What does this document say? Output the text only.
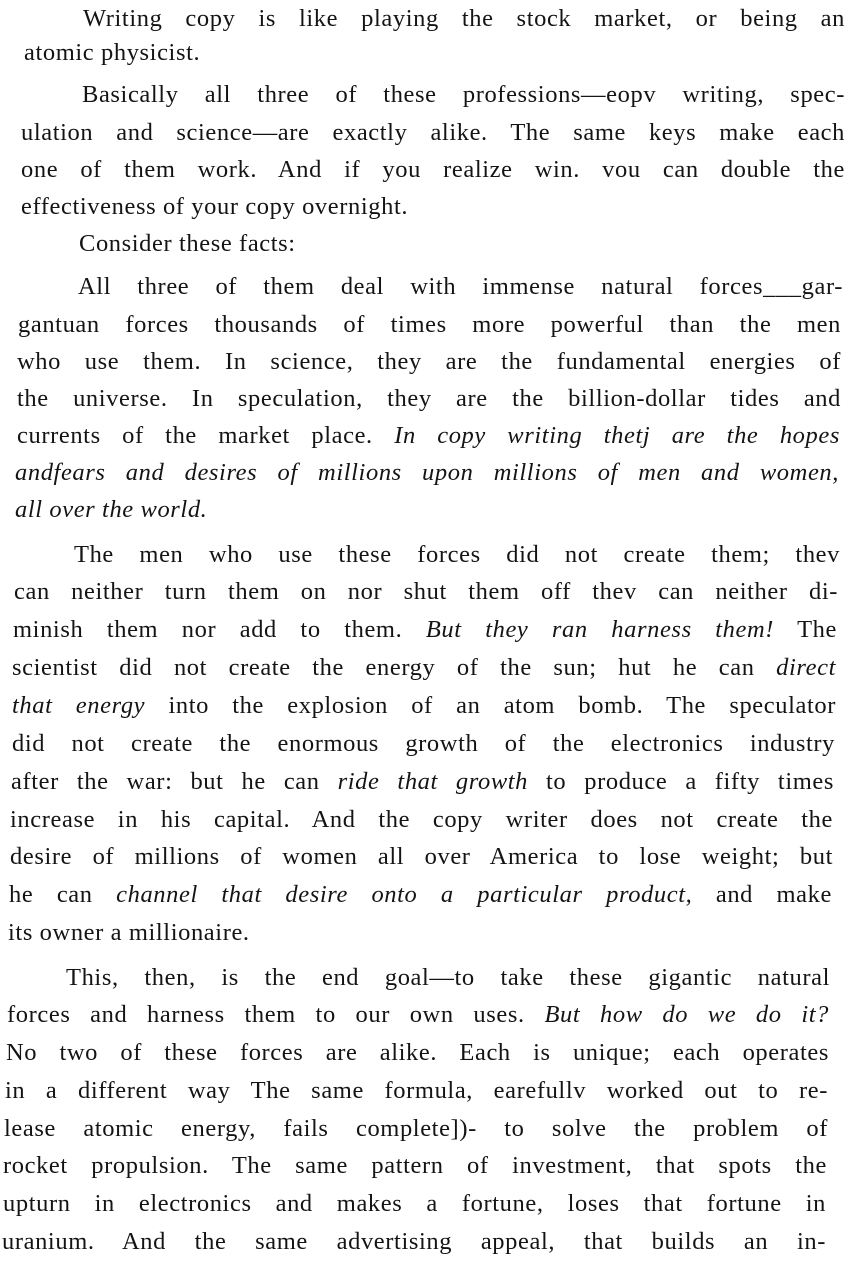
Writing copy is like playing the stock market, or being an
atomic physicist.
Basically all three of these professions—eopv writing, spec-
ulation and science—are exactly alike. The same keys make each
one of them work. And if you realize win. vou can double the
effectiveness of your copy overnight.
Consider these facts:
All three of them deal with immense natural forces___gar-
gantuan forces thousands of times more powerful than the men
who use them. In science, they are the fundamental energies of
the universe. In speculation, they are the billion-dollar tides and
currents of the market place. In copy writing thetj are the hopes
andfears and desires of millions upon millions of men and women,
all over the world.
The men who use these forces did not create them; thev
can neither turn them on nor shut them off thev can neither di-
minish them nor add to them. But they ran harness them! The
scientist did not create the energy of the sun; hut he can direct
that energy into the explosion of an atom bomb. The speculator
did not create the enormous growth of the electronics industry
after the war: but he can ride that growth to produce a fifty times
increase in his capital. And the copy writer does not create the
desire of millions of women all over America to lose weight; but
he can channel that desire onto a particular product, and make
its owner a millionaire.
This, then, is the end goal—to take these gigantic natural
forces and harness them to our own uses. But how do we do it?
No two of these forces are alike. Each is unique; each operates
in a different way The same formula, earefullv worked out to re-
lease atomic energy, fails complete])- to solve the problem of
rocket propulsion. The same pattern of investment, that spots the
upturn in electronics and makes a fortune, loses that fortune in
uranium. And the same advertising appeal, that builds an in-
